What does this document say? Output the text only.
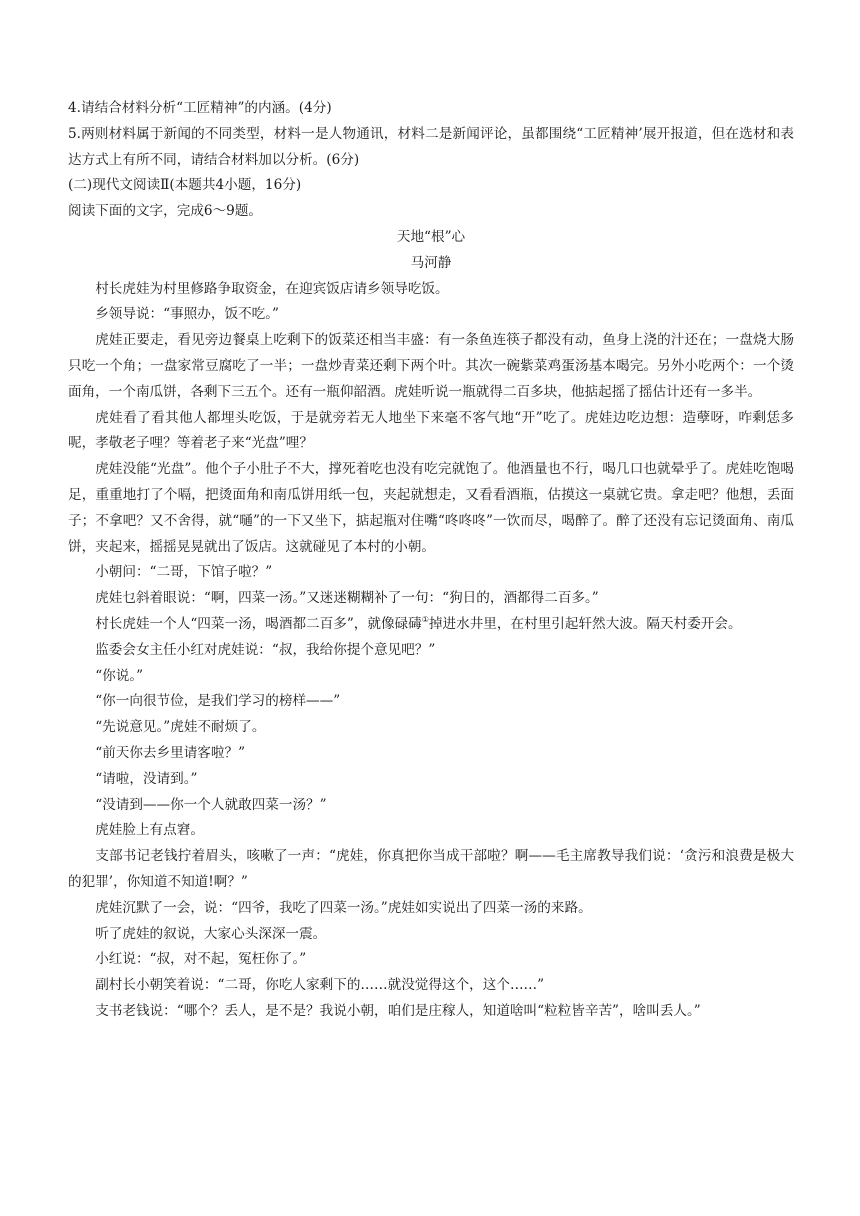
4.请结合材料分析“工匠精神”的内涵。(4分)

5.两则材料属于新闻的不同类型，材料一是人物通讯，材料二是新闻评论，虽都围绕“工匠精神’展开报道，但在选材和表达方式上有所不同，请结合材料加以分析。(6分)

(二)现代文阅读Ⅱ(本题共4小题，16分)

阅读下面的文字，完成6～9题。

天地“根”心

马河静

村长虎娃为村里修路争取资金，在迎宾饭店请乡领导吃饭。

乡领导说：“事照办，饭不吃。”

虎娃正要走，看见旁边餐桌上吃剩下的饭菜还相当丰盛：有一条鱼连筷子都没有动，鱼身上浇的汁还在；一盘烧大肠只吃一个角；一盘家常豆腐吃了一半；一盘炒青菜还剩下两个叶。其次一碗紫菜鸡蛋汤基本喝完。另外小吃两个：一个烫面角，一个南瓜饼，各剩下三五个。还有一瓶仰韶酒。虎娃听说一瓶就得二百多块，他掂起摇了摇估计还有一多半。

虎娃看了看其他人都埋头吃饭，于是就旁若无人地坐下来毫不客气地“开”吃了。虎娃边吃边想：造孽呀，咋剩恁多呢，孝敬老子哩？等着老子来“光盘”哩？

虎娃没能“光盘”。他个子小肚子不大，撑死着吃也没有吃完就饱了。他酒量也不行，喝几口也就晕乎了。虎娃吃饱喝足，重重地打了个嗝，把烫面角和南瓜饼用纸一包，夹起就想走，又看看酒瓶，估摸这一桌就它贵。拿走吧？他想，丢面子；不拿吧？又不舍得，就“嗵”的一下又坐下，掂起瓶对住嘴“咚咚咚”一饮而尽，喝醉了。醉了还没有忘记烫面角、南瓜饼，夹起来，摇摇晃晃就出了饭店。这就碰见了本村的小朝。

小朝问：“二哥，下馆子啦？”

虎娃乜斜着眼说：“啊，四菜一汤。”又迷迷糊糊补了一句：“狗日的，酒都得二百多。”

村长虎娃一个人“四菜一汤，喝酒都二百多”，就像碌碡①掉进水井里，在村里引起轩然大波。隔天村委开会。

监委会女主任小红对虎娃说：“叔，我给你提个意见吧？”

“你说。”

“你一向很节俭，是我们学习的榜样——”

“先说意见。”虎娃不耐烦了。

“前天你去乡里请客啦？”

“请啦，没请到。”

“没请到——你一个人就敢四菜一汤？”

虎娃脸上有点窘。

支部书记老钱拧着眉头，咳嗽了一声：“虎娃，你真把你当成干部啦？啊——毛主席教导我们说：‘贪污和浪费是极大的犯罪’，你知道不知道!啊？”

虎娃沉默了一会，说：“四爷，我吃了四菜一汤。”虎娃如实说出了四菜一汤的来路。

听了虎娃的叙说，大家心头深深一震。

小红说：“叔，对不起，冤枉你了。”

副村长小朝笑着说：“二哥，你吃人家剩下的……就没觉得这个，这个……”

支书老钱说：“哪个？丢人，是不是？我说小朝，咱们是庄稼人，知道啥叫“粒粒皆辛苦”，啥叫丢人。”
